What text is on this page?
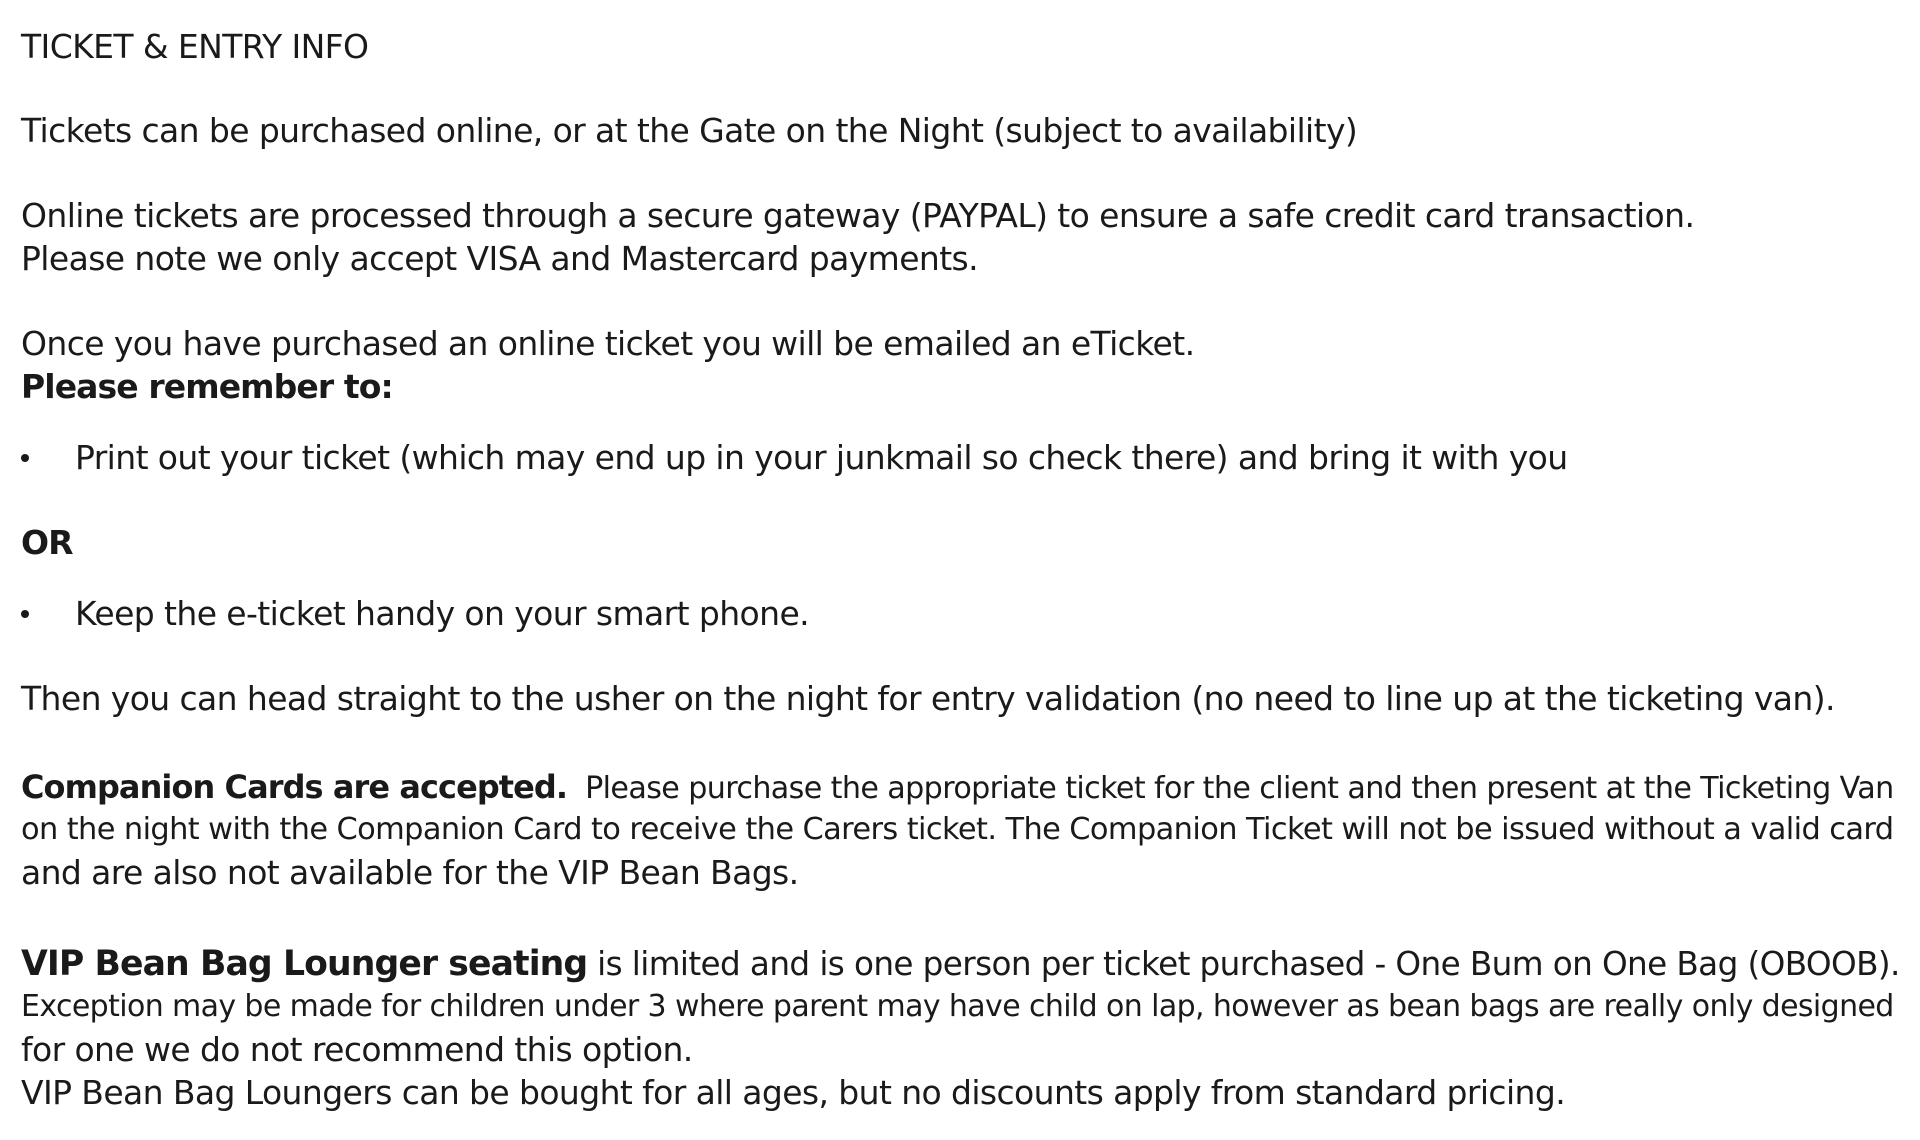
TICKET & ENTRY INFO
Tickets can be purchased online, or at the Gate on the Night (subject to availability)
Online tickets are processed through a secure gateway (PAYPAL) to ensure a safe credit card transaction.
Please note we only accept VISA and Mastercard payments.
Once you have purchased an online ticket you will be emailed an eTicket.
Please remember to:
Print out your ticket (which may end up in your junkmail so check there) and bring it with you
OR
Keep the e-ticket handy on your smart phone.
Then you can head straight to the usher on the night for entry validation (no need to line up at the ticketing van).
Companion Cards are accepted. Please purchase the appropriate ticket for the client and then present at the Ticketing Van
on the night with the Companion Card to receive the Carers ticket. The Companion Ticket will not be issued without a valid card
and are also not available for the VIP Bean Bags.
VIP Bean Bag Lounger seating is limited and is one person per ticket purchased - One Bum on One Bag (OBOOB).
Exception may be made for children under 3 where parent may have child on lap, however as bean bags are really only designed
for one we do not recommend this option.
VIP Bean Bag Loungers can be bought for all ages, but no discounts apply from standard pricing.
